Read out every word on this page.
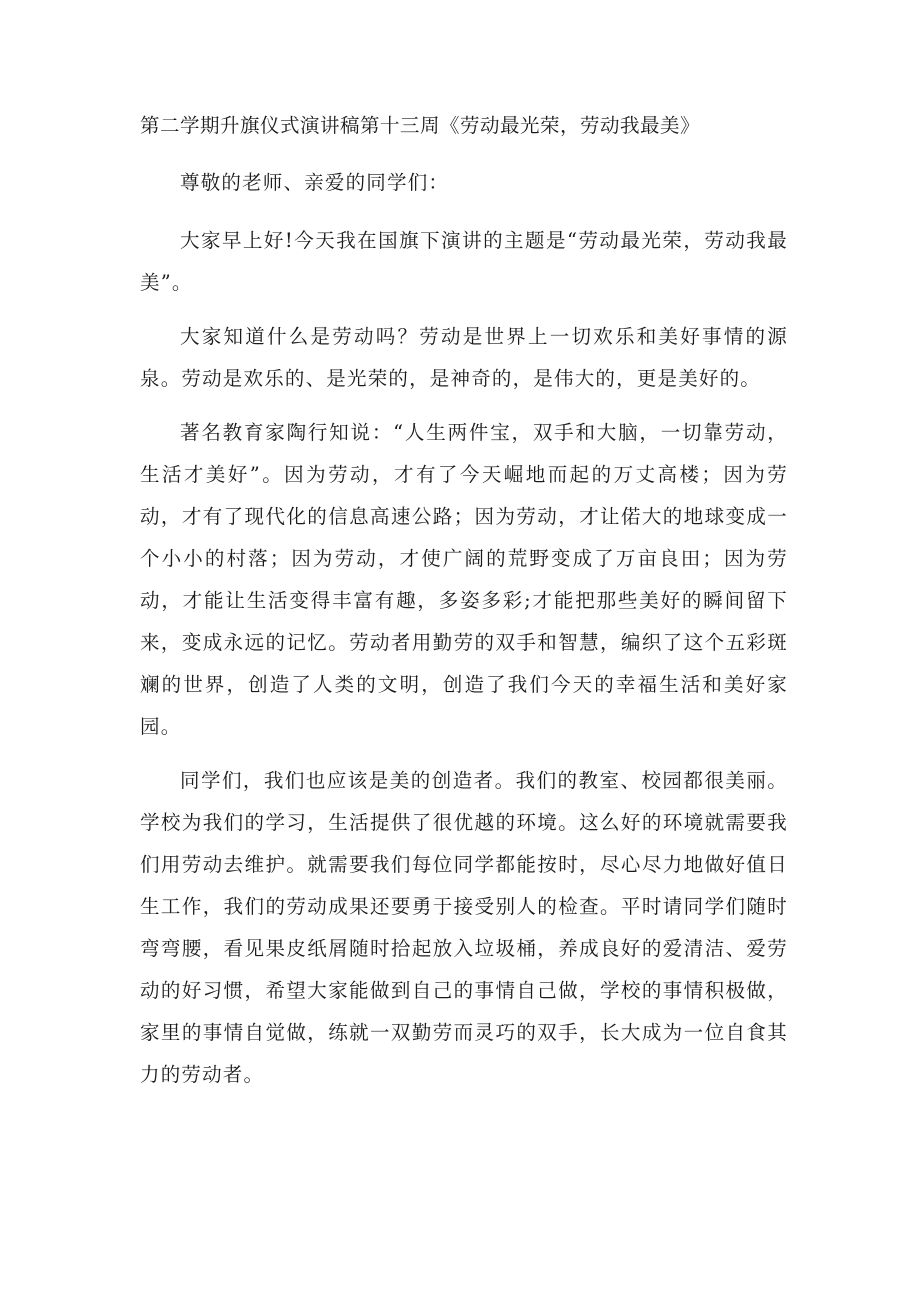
第二学期升旗仪式演讲稿第十三周《劳动最光荣，劳动我最美》

尊敬的老师、亲爱的同学们：

大家早上好!今天我在国旗下演讲的主题是“劳动最光荣，劳动我最美”。

大家知道什么是劳动吗？劳动是世界上一切欢乐和美好事情的源泉。劳动是欢乐的、是光荣的，是神奇的，是伟大的，更是美好的。

著名教育家陶行知说：“人生两件宝，双手和大脑，一切靠劳动，生活才美好”。因为劳动，才有了今天崛地而起的万丈高楼；因为劳动，才有了现代化的信息高速公路；因为劳动，才让偌大的地球变成一个小小的村落；因为劳动，才使广阔的荒野变成了万亩良田；因为劳动，才能让生活变得丰富有趣，多姿多彩;才能把那些美好的瞬间留下来，变成永远的记忆。劳动者用勤劳的双手和智慧，编织了这个五彩斑斓的世界，创造了人类的文明，创造了我们今天的幸福生活和美好家园。

同学们，我们也应该是美的创造者。我们的教室、校园都很美丽。学校为我们的学习，生活提供了很优越的环境。这么好的环境就需要我们用劳动去维护。就需要我们每位同学都能按时，尽心尽力地做好值日生工作，我们的劳动成果还要勇于接受别人的检查。平时请同学们随时弯弯腰，看见果皮纸屑随时拾起放入垃圾桶，养成良好的爱清洁、爱劳动的好习惯，希望大家能做到自己的事情自己做，学校的事情积极做，家里的事情自觉做，练就一双勤劳而灵巧的双手，长大成为一位自食其力的劳动者。
